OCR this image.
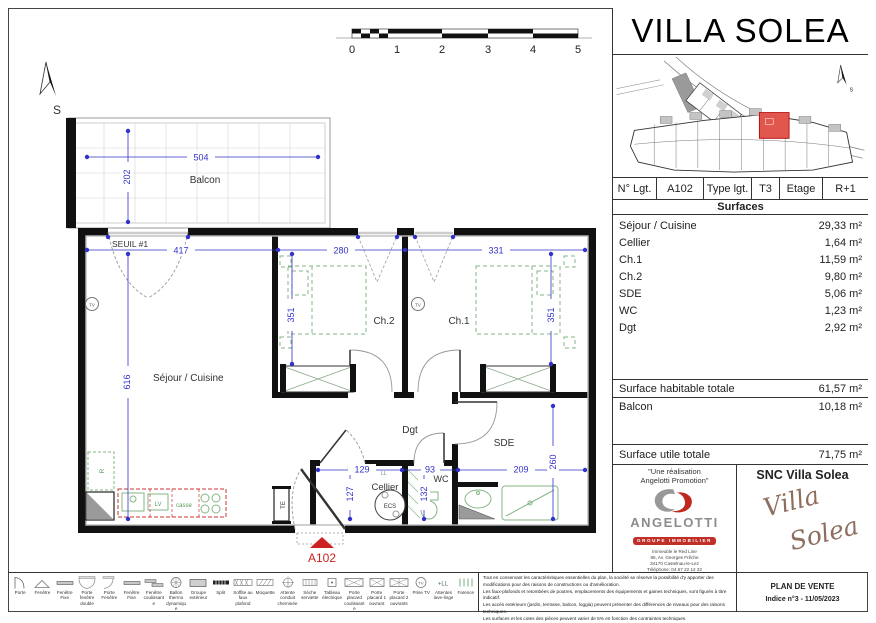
S
0	1	2	3	4	5
504
202
417	280	331
616
351	351
129	93	209
127	132
260
Balcon
SEUIL #1
Séjour / Cuisine
Ch.2	Ch.1
Dgt
SDE
WC
Cellier
ECS
TE
TV	TV
LV casse
R	LL
A102
VILLA SOLEA
s
N° Lgt.	A102	Type lgt. T3	Etage	R+1
Surfaces
Séjour / Cuisine	29,33 m²
Cellier	1,64 m²
Ch.1	11,59 m²
Ch.2	9,80 m²
SDE	5,06 m²
WC	1,23 m²
Dgt	2,92 m²
Surface habitable totale	61,57 m²
Balcon	10,18 m²
Surface utile totale	71,75 m²
"Une réalisation
Angelotti Promotion"
ANGELOTTI
GROUPE IMMOBILIER
Immeuble le Red Line
85, Av. Georges Frêche
34170 Castelnau-le-Lez
Téléphone: 04 67 22 12 22
SNC Villa Solea
Villa
Solea
Porte	Fenêtre	Fenêtre Fixe
Porte fenêtre double
Porte Fenêtre
Fenêtre Fixe
Fenêtre coulissante
Ballon thermo dynamique
Groupe extérieur
Split	Soffite au faux plafond
Moquette	Attente conduit cheminée
Sèche serviette
Tableau électrique
Porte placard coulissante
Porte placard 1 ouvrant
Porte placard 2 ouvrants
TV
Prise TV
+LL
Attentes lave-linge
Faïence
Tout en conservant les caractéristiques essentielles du plan, la société se réserve la possibilité d'y apporter des modifications pour des raisons de constructions ou d'amélioration.
Les faux-plafonds et retombées de poutres, emplacements des équipements et gaines techniques, sont figurés à titre indicatif.
Les accès extérieurs (jardin, terrasse, balcon, loggia) peuvent présenter des différences de niveaux pour des raisons techniques.
Les surfaces et les cotes des pièces peuvent varier de 5% en fonction des contraintes techniques.
PLAN DE VENTE
Indice n°3 - 11/05/2023
